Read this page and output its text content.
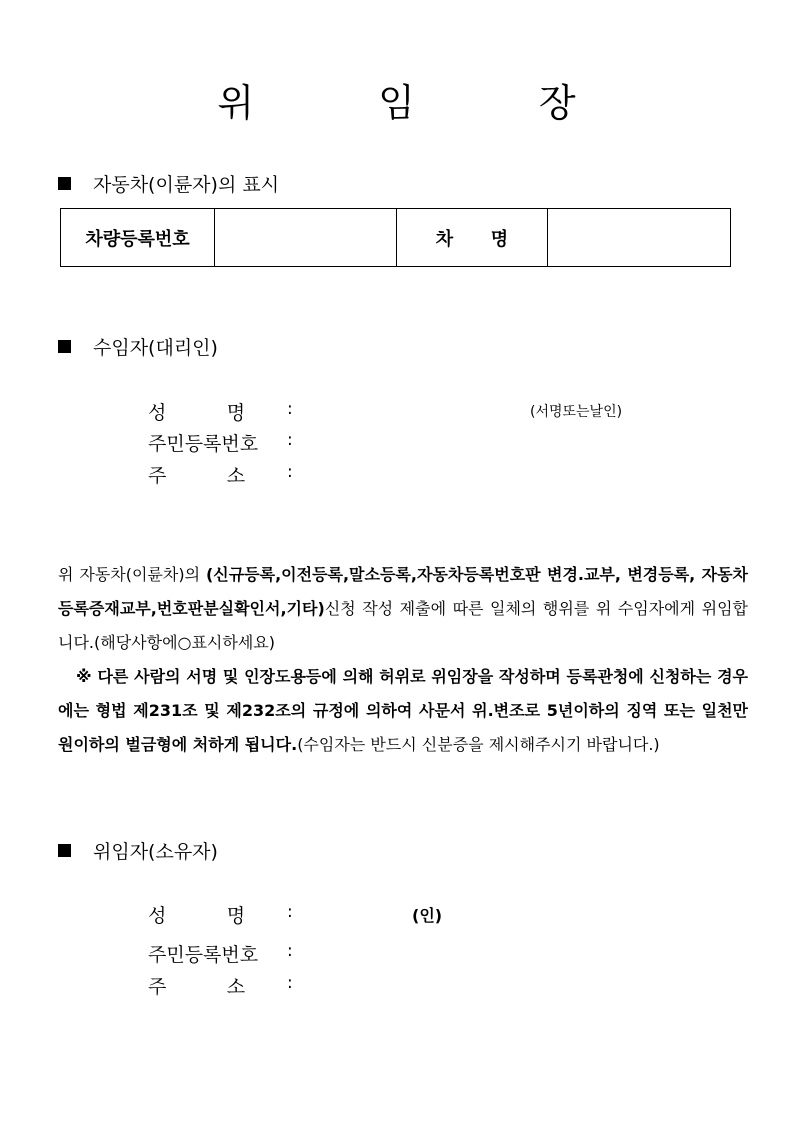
위 임 장
자동차(이륜자)의 표시
차량등록번호		차      명	
수임자(대리인)
성          명 :	(서명또는날인)
주민등록번호 :
주          소 :
위 자동차(이륜차)의 (신규등록,이전등록,말소등록,자동차등록번호판 변경.교부, 변경등록, 자동차등록증재교부,번호판분실확인서,기타)신청 작성 제출에 따른 일체의 행위를 위 수임자에게 위임합니다.(해당사항에○표시하세요)
※ 다른 사람의 서명 및 인장도용등에 의해 허위로 위임장을 작성하며 등록관청에 신청하는 경우에는 형법 제231조 및 제232조의 규정에 의하여 사문서 위.변조로 5년이하의 징역 또는 일천만원이하의 벌금형에 처하게 됩니다.(수임자는 반드시 신분증을 제시해주시기 바랍니다.)
위임자(소유자)
성          명 :	(인)
주민등록번호 :
주          소 :
